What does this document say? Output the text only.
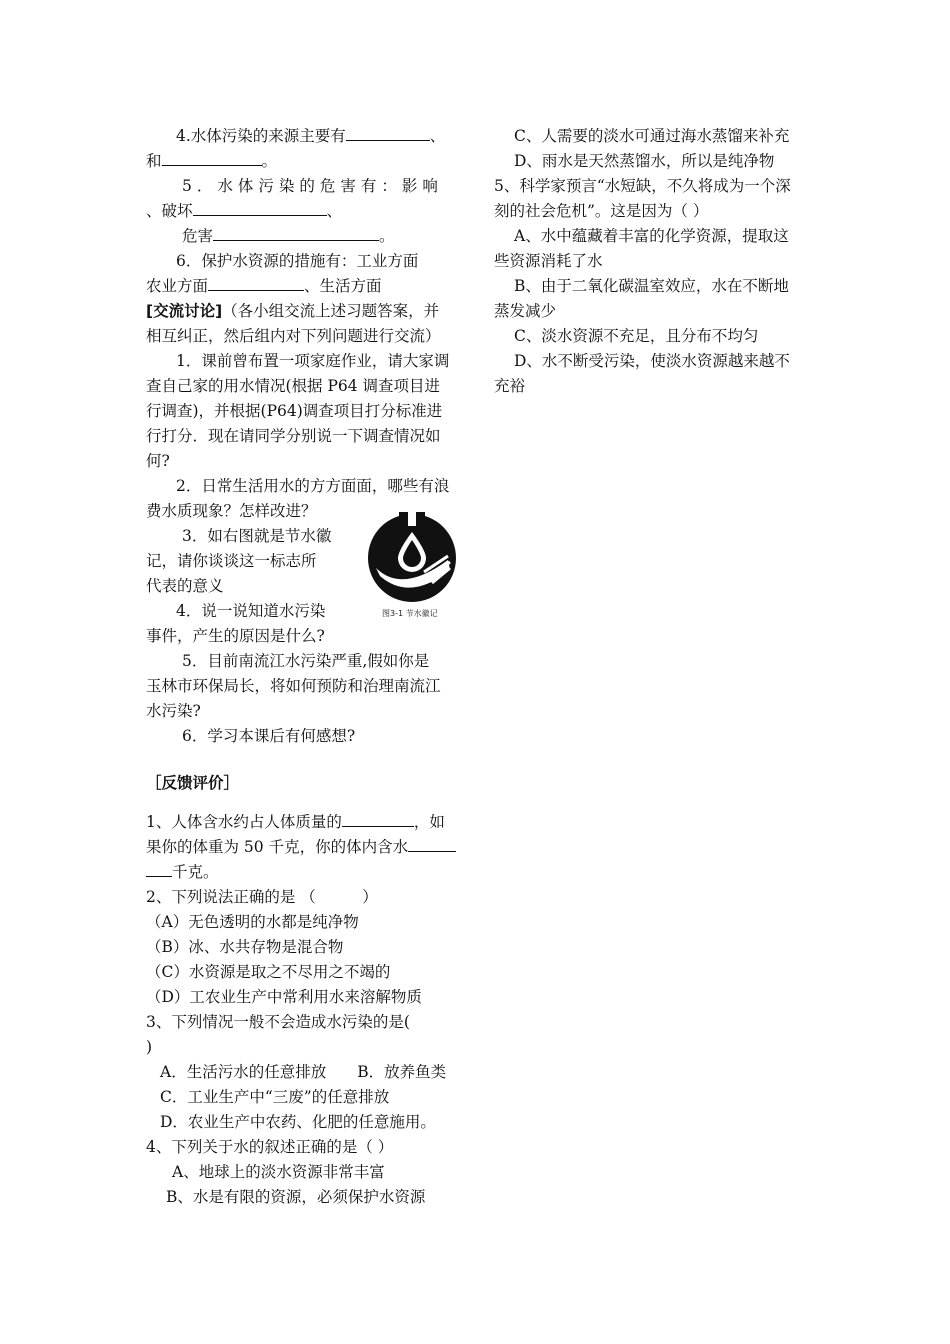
4.水体污染的来源主要有	、
和	。
5．水体污染的危害有：影响
、破坏	、
危害	。
6．保护水资源的措施有：工业方面
农业方面	、生活方面
[交流讨论]（各小组交流上述习题答案，并
相互纠正，然后组内对下列问题进行交流）
1．课前曾布置一项家庭作业，请大家调
查自己家的用水情况(根据 P64 调查项目进
行调查)，并根据(P64)调查项目打分标准进
行打分．现在请同学分别说一下调查情况如
何?
2．日常生活用水的方方面面，哪些有浪
费水质现象？怎样改进？
3．如右图就是节水徽
记，请你谈谈这一标志所
代表的意义
4．说一说知道水污染
事件，产生的原因是什么?
5．目前南流江水污染严重,假如你是
玉林市环保局长，将如何预防和治理南流江
水污染?
6．学习本课后有何感想?
［反馈评价］
1、人体含水约占人体质量的	，如
果你的体重为 50 千克，你的体内含水
千克。
2、下列说法正确的是 （　　　）
（A）无色透明的水都是纯净物
（B）冰、水共存物是混合物
（C）水资源是取之不尽用之不竭的
（D）工农业生产中常利用水来溶解物质
3、下列情况一般不会造成水污染的是(
)
A．生活污水的任意排放　　B．放养鱼类
C．工业生产中“三废”的任意排放
D．农业生产中农药、化肥的任意施用。
4、下列关于水的叙述正确的是（ ）
A、地球上的淡水资源非常丰富
B、水是有限的资源，必须保护水资源
图3-1 节水徽记
C、人需要的淡水可通过海水蒸馏来补充
D、雨水是天然蒸馏水，所以是纯净物
5、科学家预言“水短缺，不久将成为一个深
刻的社会危机”。这是因为（ ）
A、水中蕴藏着丰富的化学资源，提取这
些资源消耗了水
B、由于二氧化碳温室效应，水在不断地
蒸发减少
C、淡水资源不充足，且分布不均匀
D、水不断受污染，使淡水资源越来越不
充裕
